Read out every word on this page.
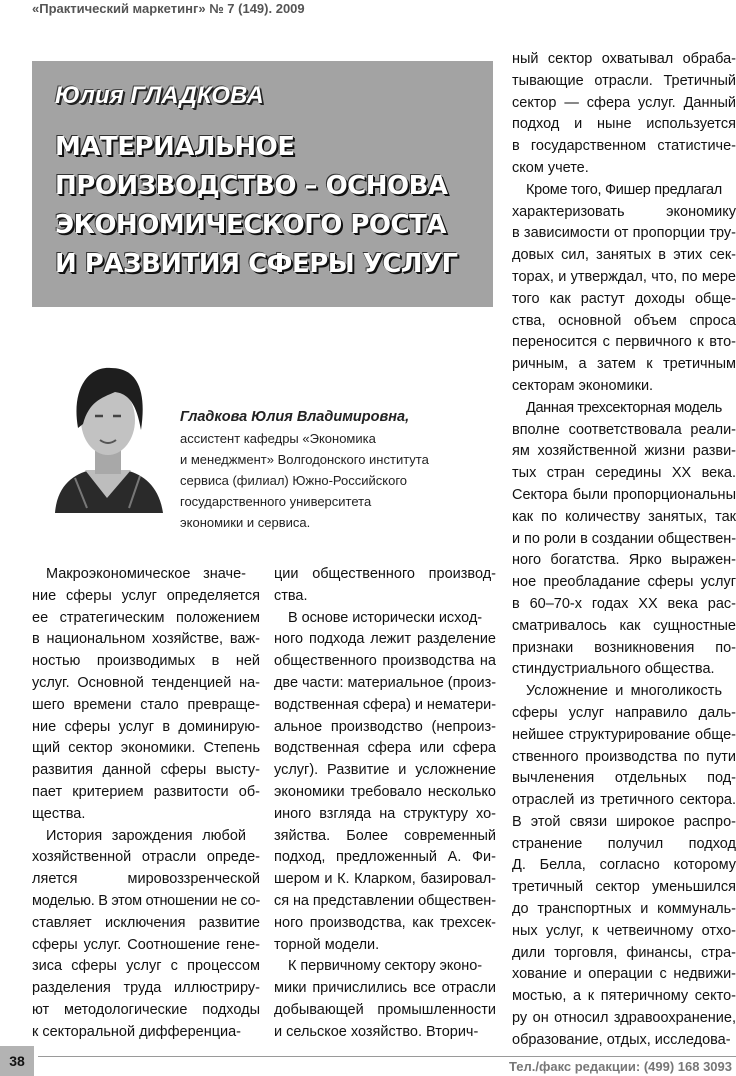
«Практический маркетинг» № 7 (149). 2009
Юлия ГЛАДКОВА
МАТЕРИАЛЬНОЕ
ПРОИЗВОДСТВО – ОСНОВА
ЭКОНОМИЧЕСКОГО РОСТА
И РАЗВИТИЯ СФЕРЫ УСЛУГ
Гладкова Юлия Владимировна,
ассистент кафедры «Экономика
и менеджмент» Волгодонского института
сервиса (филиал) Южно-Российского
государственного университета
экономики и сервиса.

Макроэкономическое значе-
ние сферы услуг определяется
ее стратегическим положением
в национальном хозяйстве, важ-
ностью производимых в ней
услуг. Основной тенденцией на-
шего времени стало превраще-
ние сферы услуг в доминирую-
щий сектор экономики. Степень
развития данной сферы высту-
пает критерием развитости об-
щества.

История зарождения любой
хозяйственной отрасли опреде-
ляется мировоззренческой
моделью. В этом отношении не со-
ставляет исключения развитие
сферы услуг. Соотношение гене-
зиса сферы услуг с процессом
разделения труда иллюстриру-
ют методологические подходы
к секторальной дифференциа-

ции общественного производ-
ства.

В основе исторически исход-
ного подхода лежит разделение
общественного производства на
две части: материальное (произ-
водственная сфера) и нематери-
альное производство (непроиз-
водственная сфера или сфера
услуг). Развитие и усложнение
экономики требовало несколько
иного взгляда на структуру хо-
зяйства. Более современный
подход, предложенный А. Фи-
шером и К. Кларком, базировал-
ся на представлении обществен-
ного производства, как трехсек-
торной модели.

К первичному сектору эконо-
мики причислились все отрасли
добывающей промышленности
и сельское хозяйство. Вторич-

ный сектор охватывал обраба-
тывающие отрасли. Третичный
сектор — сфера услуг. Данный
подход и ныне используется
в государственном статистиче-
ском учете.

Кроме того, Фишер предлагал
характеризовать экономику
в зависимости от пропорции тру-
довых сил, занятых в этих сек-
торах, и утверждал, что, по мере
того как растут доходы обще-
ства, основной объем спроса
переносится с первичного к вто-
ричным, а затем к третичным
секторам экономики.

Данная трехсекторная модель
вполне соответствовала реали-
ям хозяйственной жизни разви-
тых стран середины XX века.
Сектора были пропорциональны
как по количеству занятых, так
и по роли в создании обществен-
ного богатства. Ярко выражен-
ное преобладание сферы услуг
в 60–70-х годах XX века рас-
сматривалось как сущностные
признаки возникновения по-
стиндустриального общества.

Усложнение и многоликость
сферы услуг направило даль-
нейшее структурирование обще-
ственного производства по пути
вычленения отдельных под-
отраслей из третичного сектора.
В этой связи широкое распро-
странение получил подход
Д. Белла, согласно которому
третичный сектор уменьшился
до транспортных и коммуналь-
ных услуг, к четвеичному отхо-
дили торговля, финансы, стра-
хование и операции с недвижи-
мостью, а к пятеричному секто-
ру он относил здравоохранение,
образование, отдых, исследова-

38	Тел./факс редакции: (499) 168 3093
